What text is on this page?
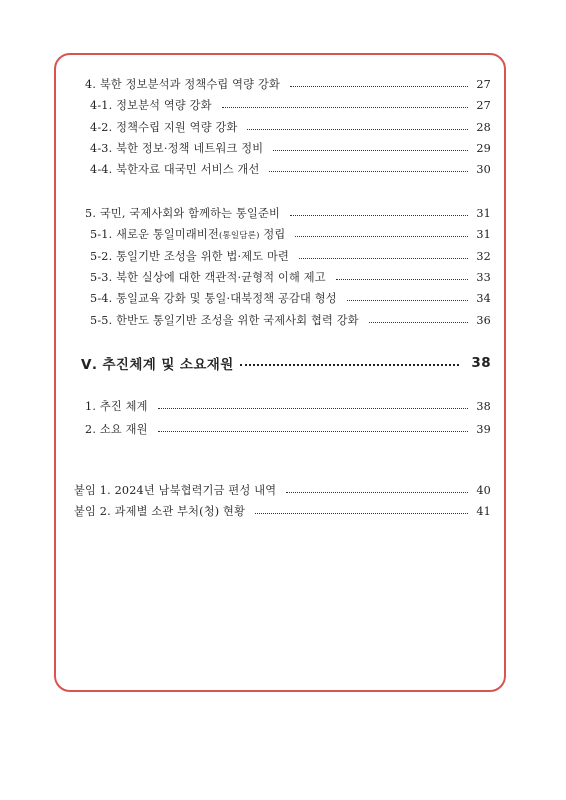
4. 북한 정보분석과 정책수립 역량 강화	27
4-1. 정보분석 역량 강화	27
4-2. 정책수립 지원 역량 강화	28
4-3. 북한 정보·정책 네트워크 정비	29
4-4. 북한자료 대국민 서비스 개선	30
5. 국민, 국제사회와 함께하는 통일준비	31
5-1. 새로운 통일미래비전(통일담론) 정립	31
5-2. 통일기반 조성을 위한 법·제도 마련	32
5-3. 북한 실상에 대한 객관적·균형적 이해 제고	33
5-4. 통일교육 강화 및 통일·대북정책 공감대 형성	34
5-5. 한반도 통일기반 조성을 위한 국제사회 협력 강화	36
Ⅴ. 추진체계 및 소요재원	38
1. 추진 체계	38
2. 소요 재원	39
붙임 1. 2024년 남북협력기금 편성 내역	40
붙임 2. 과제별 소관 부처(청) 현황	41
